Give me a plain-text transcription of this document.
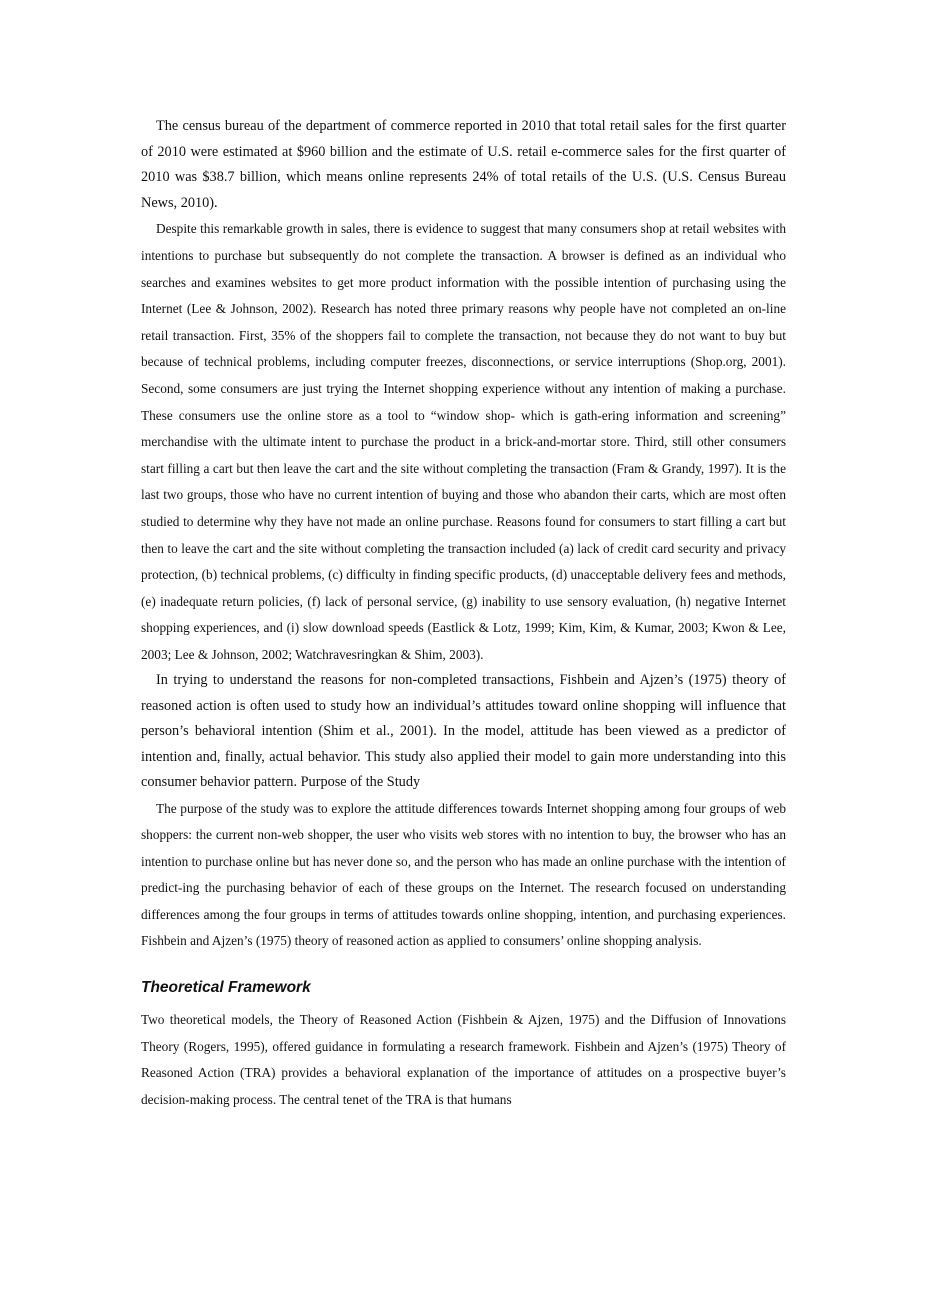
The census bureau of the department of commerce reported in 2010 that total retail sales for the first quarter of 2010 were estimated at $960 billion and the estimate of U.S. retail e-commerce sales for the first quarter of 2010 was $38.7 billion, which means online represents 24% of total retails of the U.S. (U.S. Census Bureau News, 2010).

Despite this remarkable growth in sales, there is evidence to suggest that many consumers shop at retail websites with intentions to purchase but subsequently do not complete the transaction. A browser is defined as an individual who searches and examines websites to get more product information with the possible intention of purchasing using the Internet (Lee & Johnson, 2002). Research has noted three primary reasons why people have not completed an on-line retail transaction. First, 35% of the shoppers fail to complete the transaction, not because they do not want to buy but because of technical problems, including computer freezes, disconnections, or service interruptions (Shop.org, 2001). Second, some consumers are just trying the Internet shopping experience without any intention of making a purchase. These consumers use the online store as a tool to “window shop- which is gath-ering information and screening” merchandise with the ultimate intent to purchase the product in a brick-and-mortar store. Third, still other consumers start filling a cart but then leave the cart and the site without completing the transaction (Fram & Grandy, 1997). It is the last two groups, those who have no current intention of buying and those who abandon their carts, which are most often studied to determine why they have not made an online purchase. Reasons found for consumers to start filling a cart but then to leave the cart and the site without completing the transaction included (a) lack of credit card security and privacy protection, (b) technical problems, (c) difficulty in finding specific products, (d) unacceptable delivery fees and methods, (e) inadequate return policies, (f) lack of personal service, (g) inability to use sensory evaluation, (h) negative Internet shopping experiences, and (i) slow download speeds (Eastlick & Lotz, 1999; Kim, Kim, & Kumar, 2003; Kwon & Lee, 2003; Lee & Johnson, 2002; Watchravesringkan & Shim, 2003).

In trying to understand the reasons for non-completed transactions, Fishbein and Ajzen’s (1975) theory of reasoned action is often used to study how an individual’s attitudes toward online shopping will influence that person’s behavioral intention (Shim et al., 2001). In the model, attitude has been viewed as a predictor of intention and, finally, actual behavior. This study also applied their model to gain more understanding into this consumer behavior pattern. Purpose of the Study

The purpose of the study was to explore the attitude differences towards Internet shopping among four groups of web shoppers: the current non-web shopper, the user who visits web stores with no intention to buy, the browser who has an intention to purchase online but has never done so, and the person who has made an online purchase with the intention of predict-ing the purchasing behavior of each of these groups on the Internet. The research focused on understanding differences among the four groups in terms of attitudes towards online shopping, intention, and purchasing experiences. Fishbein and Ajzen’s (1975) theory of reasoned action as applied to consumers’ online shopping analysis.

Theoretical Framework

Two theoretical models, the Theory of Reasoned Action (Fishbein & Ajzen, 1975) and the Diffusion of Innovations Theory (Rogers, 1995), offered guidance in formulating a research framework. Fishbein and Ajzen’s (1975) Theory of Reasoned Action (TRA) provides a behavioral explanation of the importance of attitudes on a prospective buyer’s decision-making process. The central tenet of the TRA is that humans
